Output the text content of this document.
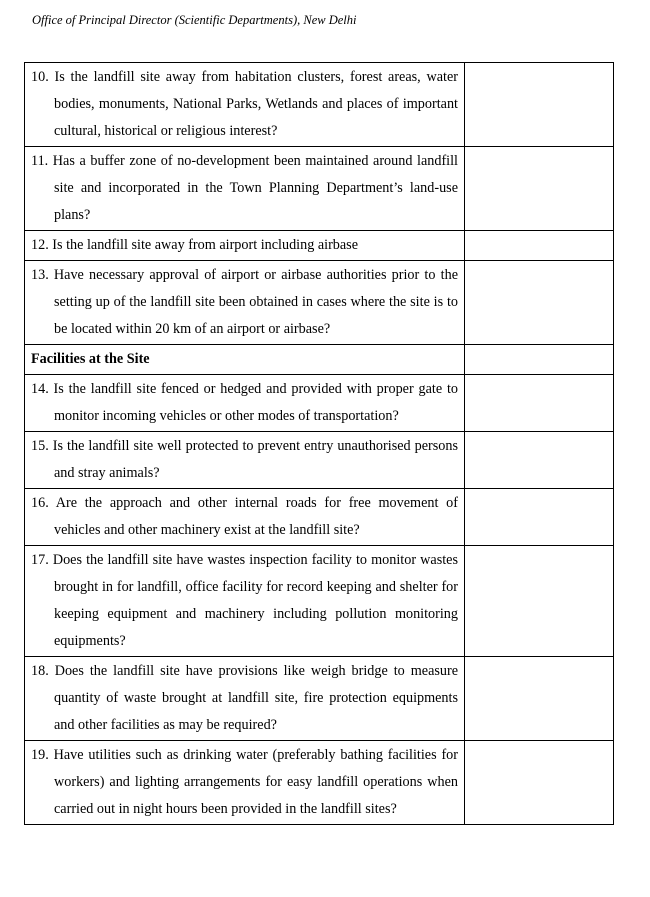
Office of Principal Director (Scientific Departments), New Delhi
10. Is the landfill site away from habitation clusters, forest areas, water bodies, monuments, National Parks, Wetlands and places of important cultural, historical or religious interest?	

11. Has a buffer zone of no-development been maintained around landfill site and incorporated in the Town Planning Department’s land-use plans?	

12. Is the landfill site away from airport including airbase	

13. Have necessary approval of airport or airbase authorities prior to the setting up of the landfill site been obtained in cases where the site is to be located within 20 km of an airport or airbase?	

Facilities at the Site	

14. Is the landfill site fenced or hedged and provided with proper gate to monitor incoming vehicles or other modes of transportation?	

15. Is the landfill site well protected to prevent entry unauthorised persons and stray animals?	

16. Are the approach and other internal roads for free movement of vehicles and other machinery exist at the landfill site?	

17. Does the landfill site have wastes inspection facility to monitor wastes brought in for landfill, office facility for record keeping and shelter for keeping equipment and machinery including pollution monitoring equipments?	

18. Does the landfill site have provisions like weigh bridge to measure quantity of waste brought at landfill site, fire protection equipments and other facilities as may be required?	

19. Have utilities such as drinking water (preferably bathing facilities for workers) and lighting arrangements for easy landfill operations when carried out in night hours been provided in the landfill sites?	
